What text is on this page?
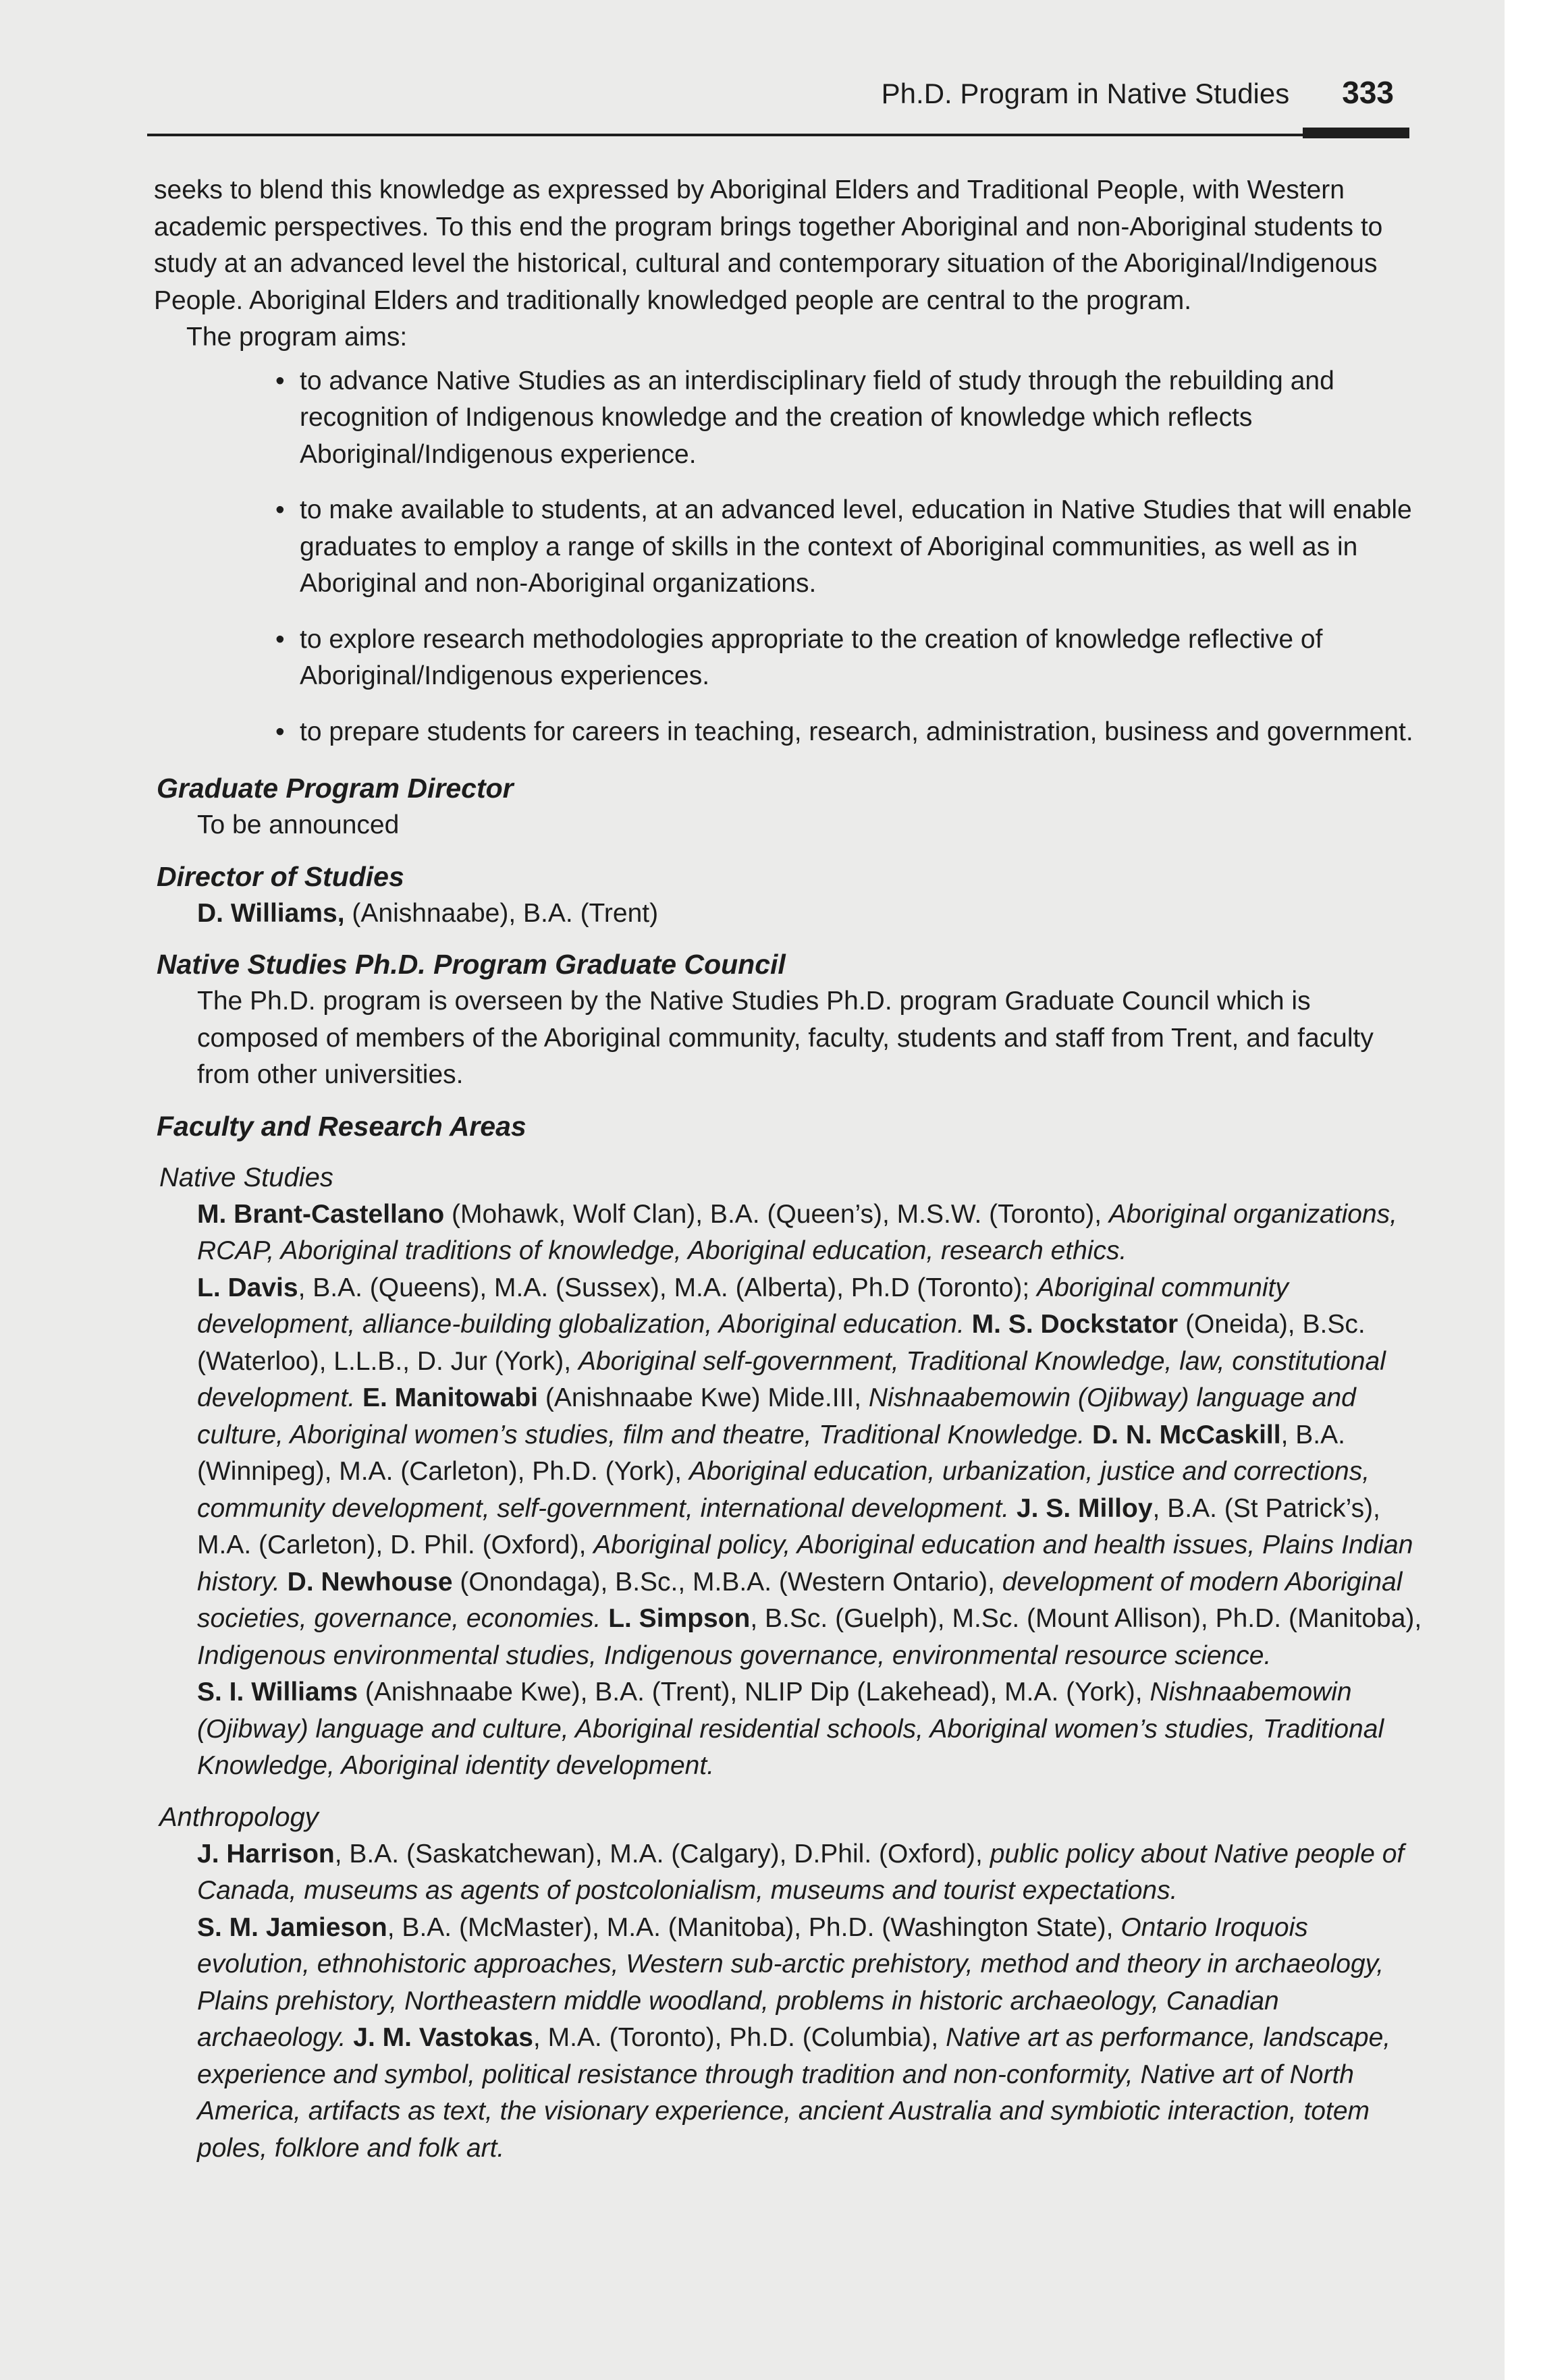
Ph.D. Program in Native Studies 333

seeks to blend this knowledge as expressed by Aboriginal Elders and Traditional People, with Western academic perspectives. To this end the program brings together Aboriginal and non-Aboriginal students to study at an advanced level the historical, cultural and contemporary situation of the Aboriginal/Indigenous People. Aboriginal Elders and traditionally knowledged people are central to the program.

The program aims:

• to advance Native Studies as an interdisciplinary field of study through the rebuilding and recognition of Indigenous knowledge and the creation of knowledge which reflects Aboriginal/Indigenous experience.
• to make available to students, at an advanced level, education in Native Studies that will enable graduates to employ a range of skills in the context of Aboriginal communities, as well as in Aboriginal and non-Aboriginal organizations.
• to explore research methodologies appropriate to the creation of knowledge reflective of Aboriginal/Indigenous experiences.
• to prepare students for careers in teaching, research, administration, business and government.
Graduate Program Director

To be announced

Director of Studies

D. Williams, (Anishnaabe), B.A. (Trent)

Native Studies Ph.D. Program Graduate Council

The Ph.D. program is overseen by the Native Studies Ph.D. program Graduate Council which is composed of members of the Aboriginal community, faculty, students and staff from Trent, and faculty from other universities.

Faculty and Research Areas
Native Studies

M. Brant-Castellano (Mohawk, Wolf Clan), B.A. (Queen’s), M.S.W. (Toronto), Aboriginal organizations, RCAP, Aboriginal traditions of knowledge, Aboriginal education, research ethics.
L. Davis, B.A. (Queens), M.A. (Sussex), M.A. (Alberta), Ph.D (Toronto); Aboriginal community development, alliance-building globalization, Aboriginal education. M. S. Dockstator (Oneida), B.Sc. (Waterloo), L.L.B., D. Jur (York), Aboriginal self-government, Traditional Knowledge, law, constitutional development. E. Manitowabi (Anishnaabe Kwe) Mide.III, Nishnaabemowin (Ojibway) language and culture, Aboriginal women’s studies, film and theatre, Traditional Knowledge. D. N. McCaskill, B.A. (Winnipeg), M.A. (Carleton), Ph.D. (York), Aboriginal education, urbanization, justice and corrections, community development, self-government, international development. J. S. Milloy, B.A. (St Patrick’s), M.A. (Carleton), D. Phil. (Oxford), Aboriginal policy, Aboriginal education and health issues, Plains Indian history. D. Newhouse (Onondaga), B.Sc., M.B.A. (Western Ontario), development of modern Aboriginal societies, governance, economies. L. Simpson, B.Sc. (Guelph), M.Sc. (Mount Allison), Ph.D. (Manitoba), Indigenous environmental studies, Indigenous governance, environmental resource science.
S. I. Williams (Anishnaabe Kwe), B.A. (Trent), NLIP Dip (Lakehead), M.A. (York), Nishnaabemowin (Ojibway) language and culture, Aboriginal residential schools, Aboriginal women’s studies, Traditional Knowledge, Aboriginal identity development.

Anthropology

J. Harrison, B.A. (Saskatchewan), M.A. (Calgary), D.Phil. (Oxford), public policy about Native people of Canada, museums as agents of postcolonialism, museums and tourist expectations.
S. M. Jamieson, B.A. (McMaster), M.A. (Manitoba), Ph.D. (Washington State), Ontario Iroquois evolution, ethnohistoric approaches, Western sub-arctic prehistory, method and theory in archaeology, Plains prehistory, Northeastern middle woodland, problems in historic archaeology, Canadian archaeology. J. M. Vastokas, M.A. (Toronto), Ph.D. (Columbia), Native art as performance, landscape, experience and symbol, political resistance through tradition and non-conformity, Native art of North America, artifacts as text, the visionary experience, ancient Australia and symbiotic interaction, totem poles, folklore and folk art.
